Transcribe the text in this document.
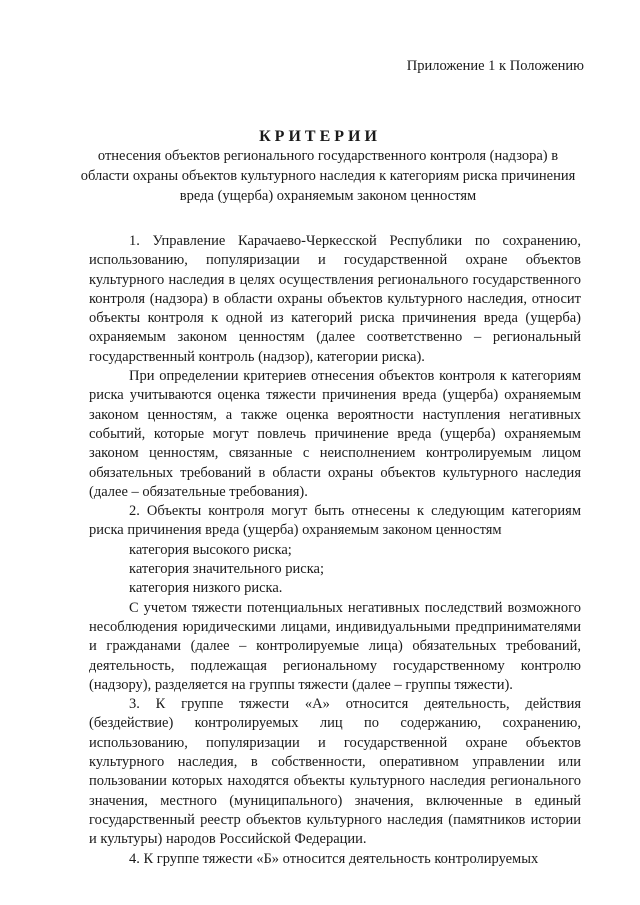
Приложение 1 к Положению
КРИТЕРИИ
отнесения объектов регионального государственного контроля (надзора) в области охраны объектов культурного наследия к категориям риска причинения вреда (ущерба) охраняемым законом ценностям

1. Управление Карачаево-Черкесской Республики по сохранению, использованию, популяризации и государственной охране объектов культурного наследия в целях осуществления регионального государственного контроля (надзора) в области охраны объектов культурного наследия, относит объекты контроля к одной из категорий риска причинения вреда (ущерба) охраняемым законом ценностям (далее соответственно – региональный государственный контроль (надзор), категории риска).

При определении критериев отнесения объектов контроля к категориям риска учитываются оценка тяжести причинения вреда (ущерба) охраняемым законом ценностям, а также оценка вероятности наступления негативных событий, которые могут повлечь причинение вреда (ущерба) охраняемым законом ценностям, связанные с неисполнением контролируемым лицом обязательных требований в области охраны объектов культурного наследия (далее – обязательные требования).

2. Объекты контроля могут быть отнесены к следующим категориям риска причинения вреда (ущерба) охраняемым законом ценностям

категория высокого риска;

категория значительного риска;

категория низкого риска.

С учетом тяжести потенциальных негативных последствий возможного несоблюдения юридическими лицами, индивидуальными предпринимателями и гражданами (далее – контролируемые лица) обязательных требований, деятельность, подлежащая региональному государственному контролю (надзору), разделяется на группы тяжести (далее – группы тяжести).

3. К группе тяжести «А» относится деятельность, действия (бездействие) контролируемых лиц по содержанию, сохранению, использованию, популяризации и государственной охране объектов культурного наследия, в собственности, оперативном управлении или пользовании которых находятся объекты культурного наследия регионального значения, местного (муниципального) значения, включенные в единый государственный реестр объектов культурного наследия (памятников истории и культуры) народов Российской Федерации.

4. К группе тяжести «Б» относится деятельность контролируемых
